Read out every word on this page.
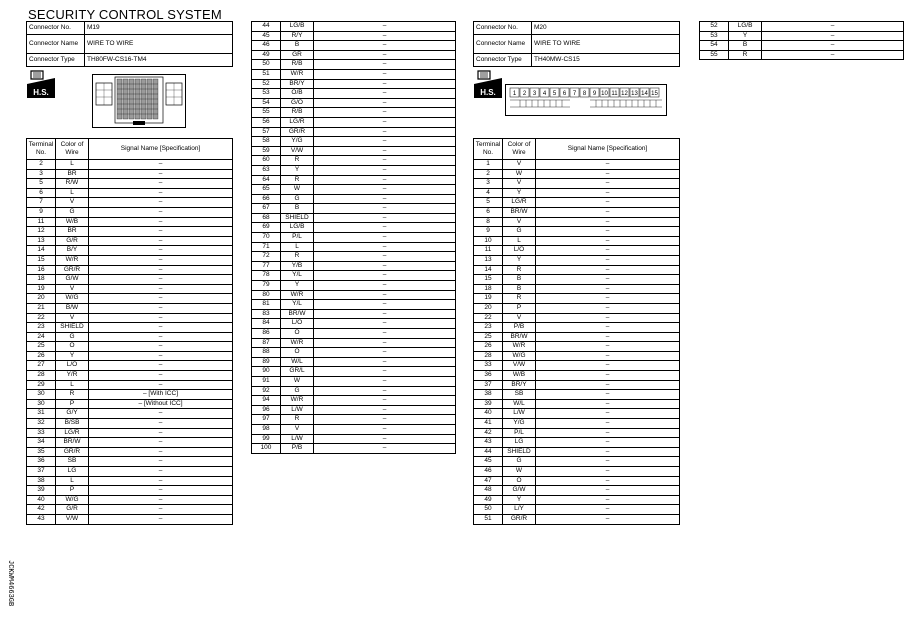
SECURITY CONTROL SYSTEM
Connector No.	M19
Connector Name	WIRE TO WIRE
Connector Type	TH80FW-CS16-TM4
H.S.
Terminal No.	Color of Wire	Signal Name [Specification]
2	L	–
3	BR	–
5	R/W	–
6	L	–
7	V	–
9	G	–
11	W/B	–
12	BR	–
13	G/R	–
14	B/Y	–
15	W/R	–
16	GR/R	–
18	G/W	–
19	V	–
20	W/G	–
21	B/W	–
22	V	–
23	SHIELD	–
24	G	–
25	O	–
26	Y	–
27	L/O	–
28	Y/R	–
29	L	–
30	R	– [With ICC]
30	P	– [Without ICC]
31	G/Y	–
32	B/SB	–
33	LG/R	–
34	BR/W	–
35	GR/R	–
36	SB	–
37	LG	–
38	L	–
39	P	–
40	W/G	–
42	G/R	–
43	V/W	–
44	LG/B	–
45	R/Y	–
46	B	–
49	GR	–
50	R/B	–
51	W/R	–
52	BR/Y	–
53	O/B	–
54	G/O	–
55	R/B	–
56	LG/R	–
57	GR/R	–
58	Y/G	–
59	V/W	–
60	R	–
63	Y	–
64	R	–
65	W	–
66	G	–
67	B	–
68	SHIELD	–
69	LG/B	–
70	P/L	–
71	L	–
72	R	–
77	Y/B	–
78	Y/L	–
79	Y	–
80	W/R	–
81	Y/L	–
83	BR/W	–
84	L/O	–
86	O	–
87	W/R	–
88	O	–
89	W/L	–
90	GR/L	–
91	W	–
92	G	–
94	W/R	–
96	L/W	–
97	R	–
98	V	–
99	L/W	–
100	P/B	–
Connector No.	M20
Connector Name	WIRE TO WIRE
Connector Type	TH40MW-CS15
H.S.	1 2 3 4 5 6 7 8 9 10 11 12 13 14 15
Terminal No.	Color of Wire	Signal Name [Specification]
1	V	–
2	W	–
3	V	–
4	Y	–
5	LG/R	–
6	BR/W	–
8	V	–
9	G	–
10	L	–
11	L/O	–
13	Y	–
14	R	–
15	B	–
18	B	–
19	R	–
20	P	–
22	V	–
23	P/B	–
25	BR/W	–
26	W/R	–
28	W/G	–
33	V/W	–
36	W/B	–
37	BR/Y	–
38	SB	–
39	W/L	–
40	L/W	–
41	Y/G	–
42	P/L	–
43	LG	–
44	SHIELD	–
45	G	–
46	W	–
47	O	–
48	G/W	–
49	Y	–
50	L/Y	–
51	GR/R	–
52	LG/B	–
53	Y	–
54	B	–
55	R	–
JCKWM4663GB
